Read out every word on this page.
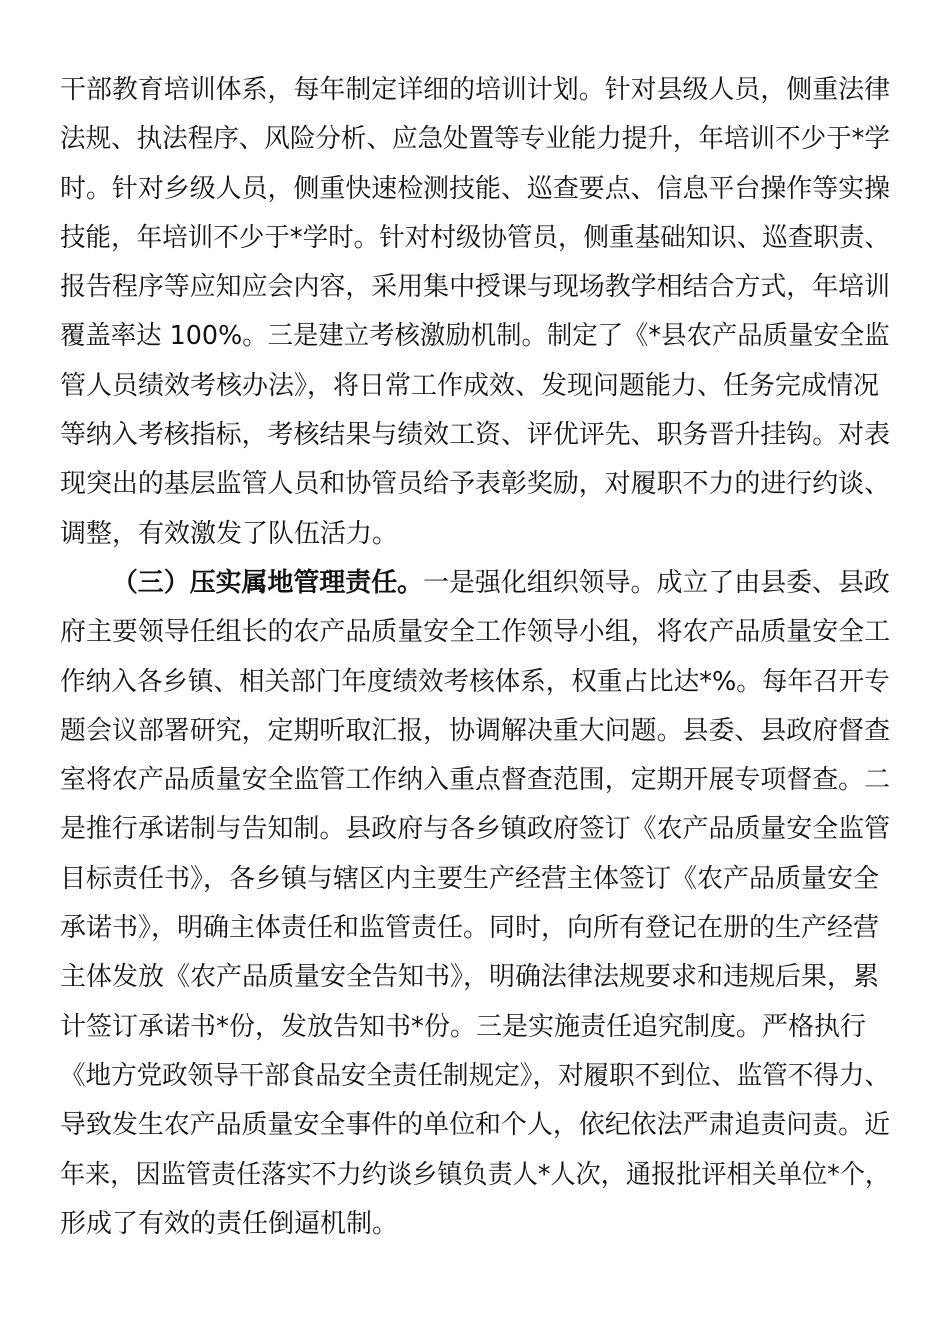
干部教育培训体系，每年制定详细的培训计划。针对县级人员，侧重法律
法规、执法程序、风险分析、应急处置等专业能力提升，年培训不少于*学
时。针对乡级人员，侧重快速检测技能、巡查要点、信息平台操作等实操
技能，年培训不少于*学时。针对村级协管员，侧重基础知识、巡查职责、
报告程序等应知应会内容，采用集中授课与现场教学相结合方式，年培训
覆盖率达 100%。三是建立考核激励机制。制定了《*县农产品质量安全监
管人员绩效考核办法》，将日常工作成效、发现问题能力、任务完成情况
等纳入考核指标，考核结果与绩效工资、评优评先、职务晋升挂钩。对表
现突出的基层监管人员和协管员给予表彰奖励，对履职不力的进行约谈、
调整，有效激发了队伍活力。
（三）压实属地管理责任。一是强化组织领导。成立了由县委、县政
府主要领导任组长的农产品质量安全工作领导小组，将农产品质量安全工
作纳入各乡镇、相关部门年度绩效考核体系，权重占比达*%。每年召开专
题会议部署研究，定期听取汇报，协调解决重大问题。县委、县政府督查
室将农产品质量安全监管工作纳入重点督查范围，定期开展专项督查。二
是推行承诺制与告知制。县政府与各乡镇政府签订《农产品质量安全监管
目标责任书》，各乡镇与辖区内主要生产经营主体签订《农产品质量安全
承诺书》，明确主体责任和监管责任。同时，向所有登记在册的生产经营
主体发放《农产品质量安全告知书》，明确法律法规要求和违规后果，累
计签订承诺书*份，发放告知书*份。三是实施责任追究制度。严格执行
《地方党政领导干部食品安全责任制规定》，对履职不到位、监管不得力、
导致发生农产品质量安全事件的单位和个人，依纪依法严肃追责问责。近
年来，因监管责任落实不力约谈乡镇负责人*人次，通报批评相关单位*个，
形成了有效的责任倒逼机制。
